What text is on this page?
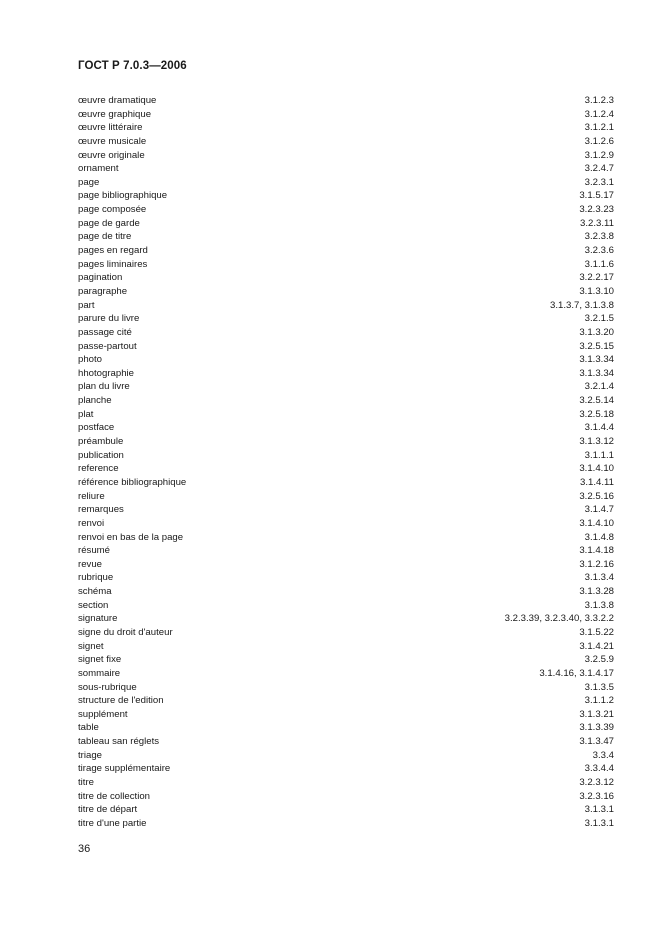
ГОСТ Р 7.0.3—2006
œuvre dramatique	3.1.2.3
œuvre graphique	3.1.2.4
œuvre littéraire	3.1.2.1
œuvre musicale	3.1.2.6
œuvre originale	3.1.2.9
ornament	3.2.4.7
page	3.2.3.1
page bibliographique	3.1.5.17
page composée	3.2.3.23
page de garde	3.2.3.11
page de titre	3.2.3.8
pages en regard	3.2.3.6
pages liminaires	3.1.1.6
pagination	3.2.2.17
paragraphe	3.1.3.10
part	3.1.3.7, 3.1.3.8
parure du livre	3.2.1.5
passage cité	3.1.3.20
passe-partout	3.2.5.15
photo	3.1.3.34
hhotographie	3.1.3.34
plan du livre	3.2.1.4
planche	3.2.5.14
plat	3.2.5.18
postface	3.1.4.4
préambule	3.1.3.12
publication	3.1.1.1
reference	3.1.4.10
référence bibliographique	3.1.4.11
reliure	3.2.5.16
remarques	3.1.4.7
renvoi	3.1.4.10
renvoi en bas de la page	3.1.4.8
résumé	3.1.4.18
revue	3.1.2.16
rubrique	3.1.3.4
schéma	3.1.3.28
section	3.1.3.8
signature	3.2.3.39, 3.2.3.40, 3.3.2.2
signe du droit d'auteur	3.1.5.22
signet	3.1.4.21
signet fixe	3.2.5.9
sommaire	3.1.4.16, 3.1.4.17
sous-rubrique	3.1.3.5
structure de l'edition	3.1.1.2
supplément	3.1.3.21
table	3.1.3.39
tableau san réglets	3.1.3.47
triage	3.3.4
tirage supplémentaire	3.3.4.4
titre	3.2.3.12
titre de collection	3.2.3.16
titre de départ	3.1.3.1
titre d'une partie	3.1.3.1
36
